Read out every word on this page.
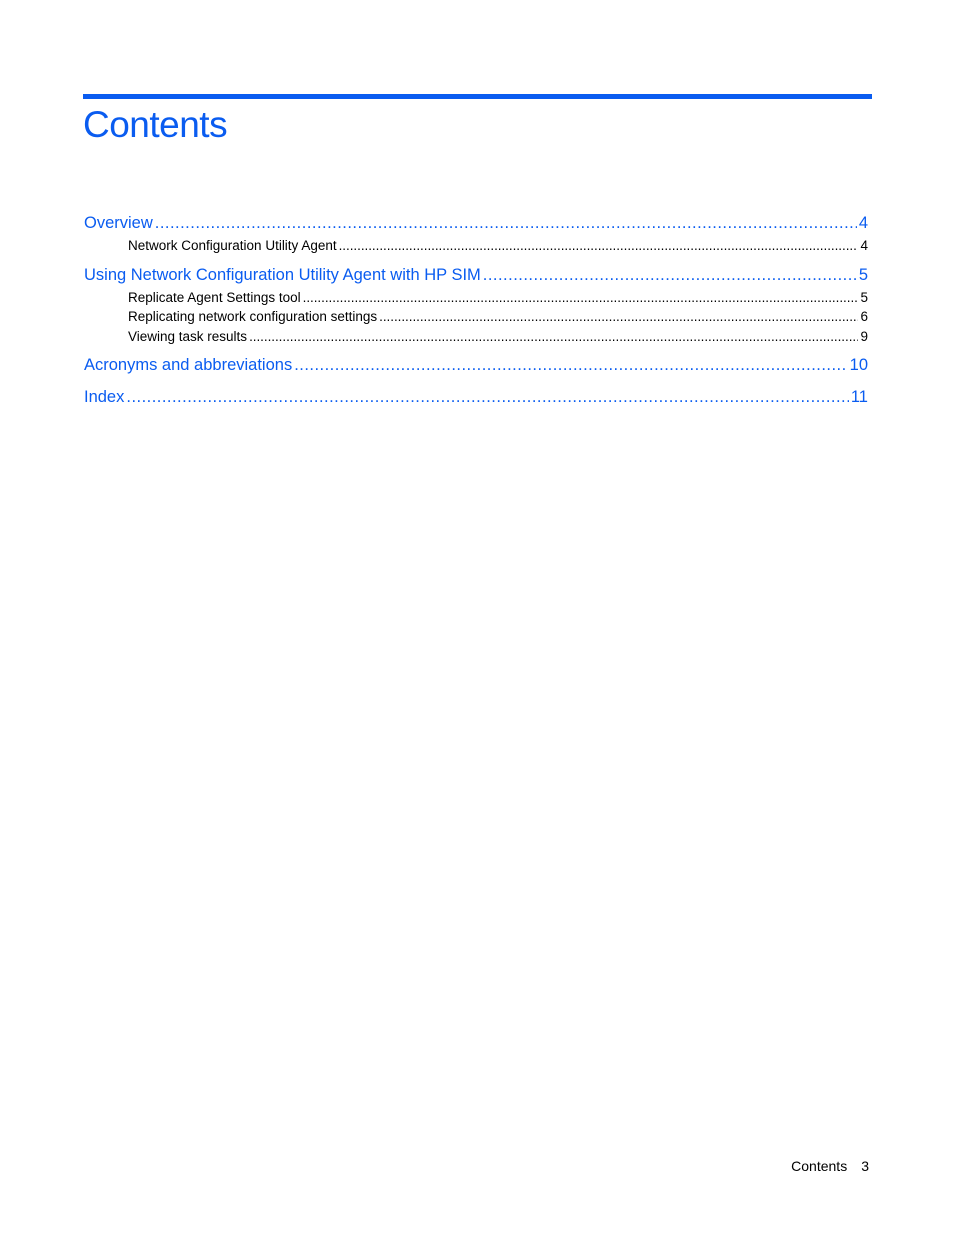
Contents
Overview . . .	4
Network Configuration Utility Agent . . .	4
Using Network Configuration Utility Agent with HP SIM . . .	5
Replicate Agent Settings tool . . .	5
Replicating network configuration settings . . .	6
Viewing task results . . .	9
Acronyms and abbreviations . . .	10
Index . . .	11
Contents 3
